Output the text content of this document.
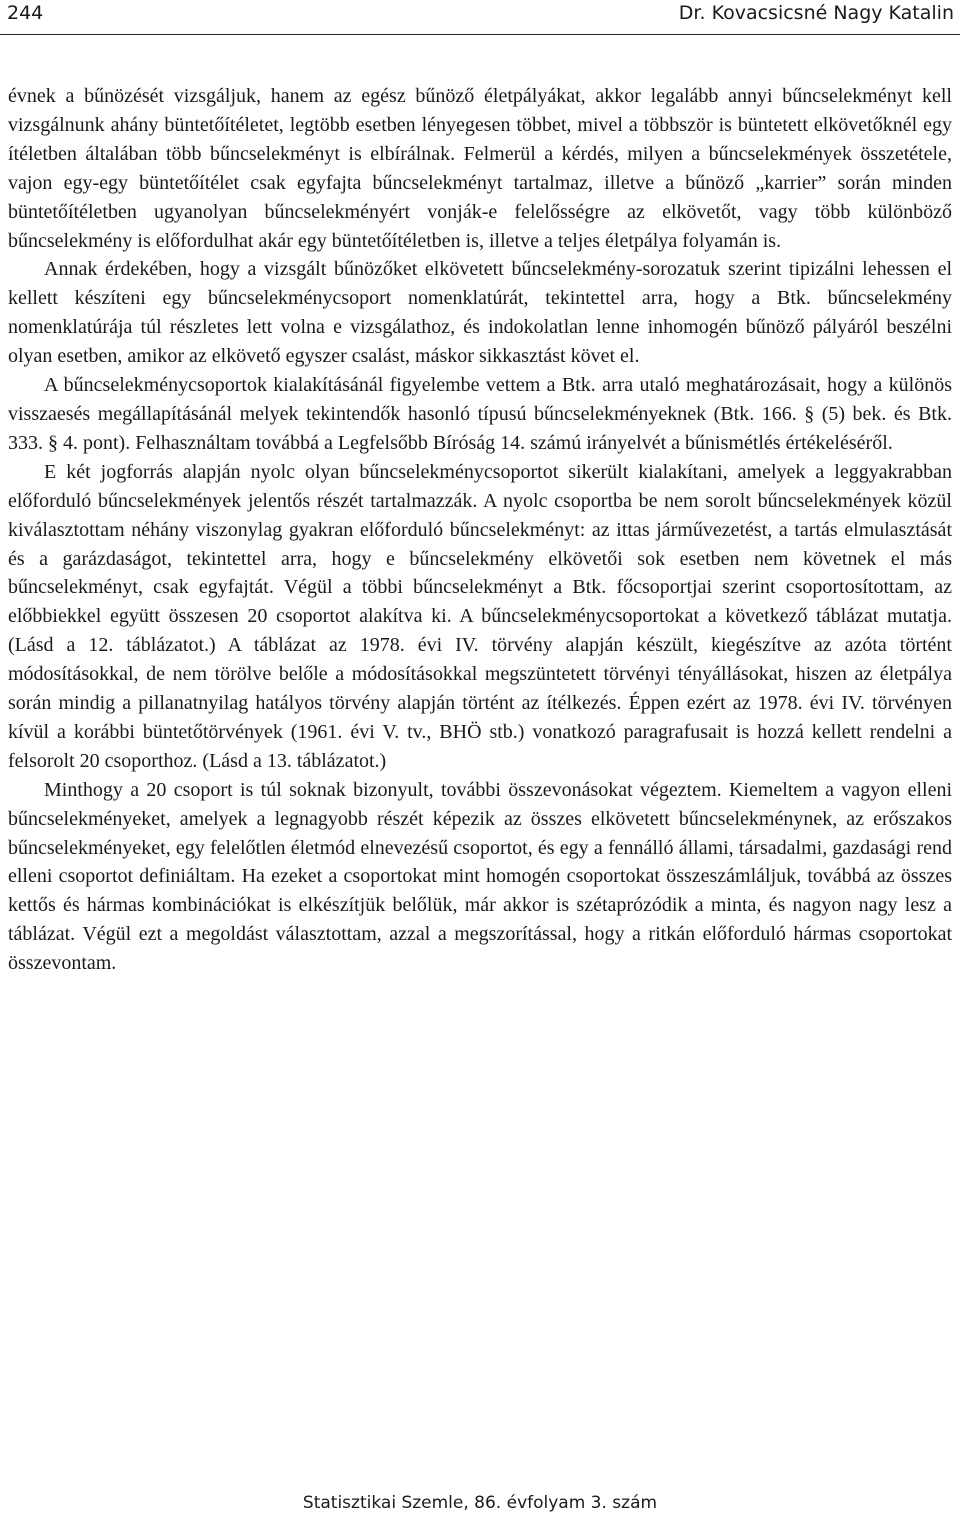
244	Dr. Kovacsicsné Nagy Katalin

évnek a bűnözését vizsgáljuk, hanem az egész bűnöző életpályákat, akkor legalább annyi bűncselekményt kell vizsgálnunk ahány büntetőítéletet, legtöbb esetben lényegesen többet, mivel a többször is büntetett elkövetőknél egy ítéletben általában több bűncselekményt is elbírálnak. Felmerül a kérdés, milyen a bűncselekmények összetétele, vajon egy-egy büntetőítélet csak egyfajta bűncselekményt tartalmaz, illetve a bűnöző „karrier” során minden büntetőítéletben ugyanolyan bűncselekményért vonják-e felelősségre az elkövetőt, vagy több különböző bűncselekmény is előfordulhat akár egy büntetőítéletben is, illetve a teljes életpálya folyamán is.

Annak érdekében, hogy a vizsgált bűnözőket elkövetett bűncselekmény-sorozatuk szerint tipizálni lehessen el kellett készíteni egy bűncselekménycsoport nomenklatúrát, tekintettel arra, hogy a Btk. bűncselekmény nomenklatúrája túl részletes lett volna e vizsgálathoz, és indokolatlan lenne inhomogén bűnöző pályáról beszélni olyan esetben, amikor az elkövető egyszer csalást, máskor sikkasztást követ el.

A bűncselekménycsoportok kialakításánál figyelembe vettem a Btk. arra utaló meghatározásait, hogy a különös visszaesés megállapításánál melyek tekintendők hasonló típusú bűncselekményeknek (Btk. 166. § (5) bek. és Btk. 333. § 4. pont). Felhasználtam továbbá a Legfelsőbb Bíróság 14. számú irányelvét a bűnismétlés értékeléséről.

E két jogforrás alapján nyolc olyan bűncselekménycsoportot sikerült kialakítani, amelyek a leggyakrabban előforduló bűncselekmények jelentős részét tartalmazzák. A nyolc csoportba be nem sorolt bűncselekmények közül kiválasztottam néhány viszonylag gyakran előforduló bűncselekményt: az ittas járművezetést, a tartás elmulasztását és a garázdaságot, tekintettel arra, hogy e bűncselekmény elkövetői sok esetben nem követnek el más bűncselekményt, csak egyfajtát. Végül a többi bűncselekményt a Btk. főcsoportjai szerint csoportosítottam, az előbbiekkel együtt összesen 20 csoportot alakítva ki. A bűncselekménycsoportokat a következő táblázat mutatja. (Lásd a 12. táblázatot.) A táblázat az 1978. évi IV. törvény alapján készült, kiegészítve az azóta történt módosításokkal, de nem törölve belőle a módosításokkal megszüntetett törvényi tényállásokat, hiszen az életpálya során mindig a pillanatnyilag hatályos törvény alapján történt az ítélkezés. Éppen ezért az 1978. évi IV. törvényen kívül a korábbi büntetőtörvények (1961. évi V. tv., BHÖ stb.) vonatkozó paragrafusait is hozzá kellett rendelni a felsorolt 20 csoporthoz. (Lásd a 13. táblázatot.)

Minthogy a 20 csoport is túl soknak bizonyult, további összevonásokat végeztem. Kiemeltem a vagyon elleni bűncselekményeket, amelyek a legnagyobb részét képezik az összes elkövetett bűncselekménynek, az erőszakos bűncselekményeket, egy felelőtlen életmód elnevezésű csoportot, és egy a fennálló állami, társadalmi, gazdasági rend elleni csoportot definiáltam. Ha ezeket a csoportokat mint homogén csoportokat összeszámláljuk, továbbá az összes kettős és hármas kombinációkat is elkészítjük belőlük, már akkor is szétaprózódik a minta, és nagyon nagy lesz a táblázat. Végül ezt a megoldást választottam, azzal a megszorítással, hogy a ritkán előforduló hármas csoportokat összevontam.

Statisztikai Szemle, 86. évfolyam 3. szám
